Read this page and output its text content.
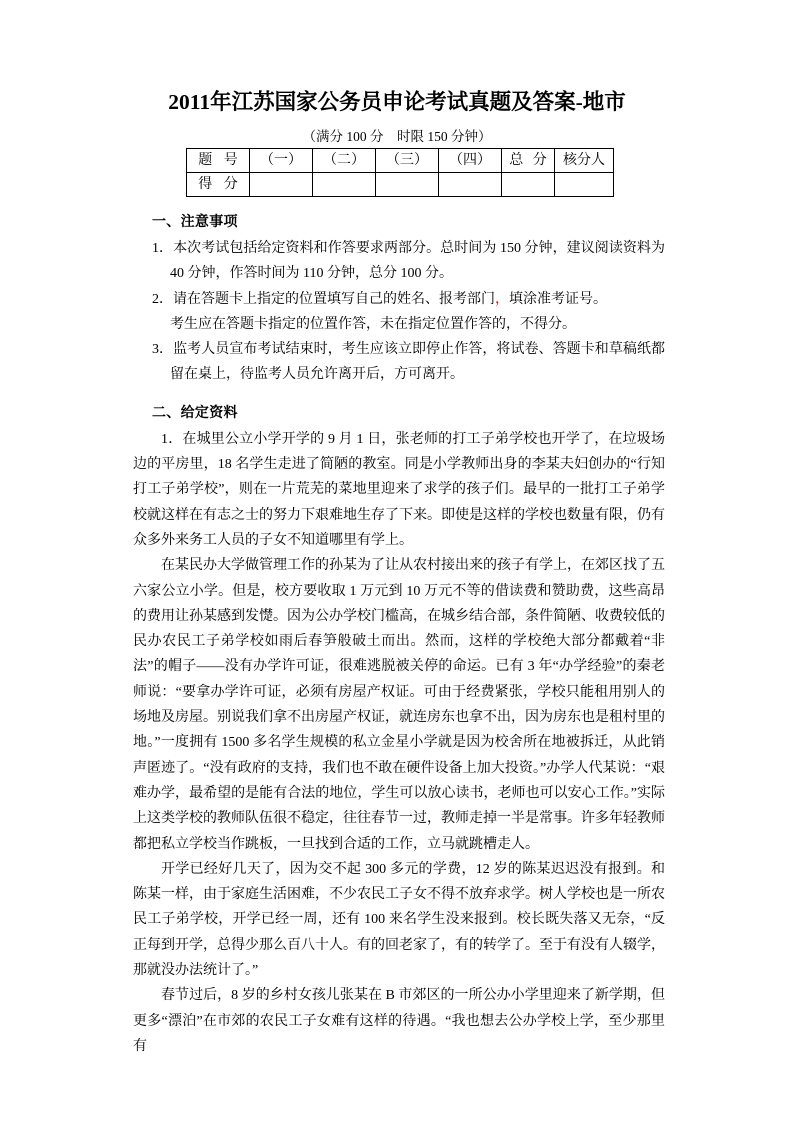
2011年江苏国家公务员申论考试真题及答案-地市
（满分 100 分　时限 150 分钟）
题 号	（一）	（二）	（三）	（四）	总 分	核分人
得 分						
一、注意事项
1．本次考试包括给定资料和作答要求两部分。总时间为 150 分钟，建议阅读资料为 40 分钟，作答时间为 110 分钟，总分 100 分。
2．请在答题卡上指定的位置填写自己的姓名、报考部门，填涂准考证号。
考生应在答题卡指定的位置作答，未在指定位置作答的，不得分。
3．监考人员宣布考试结束时，考生应该立即停止作答，将试卷、答题卡和草稿纸都留在桌上，待监考人员允许离开后，方可离开。
二、给定资料
1．在城里公立小学开学的 9 月 1 日，张老师的打工子弟学校也开学了，在垃圾场边的平房里，18 名学生走进了简陋的教室。同是小学教师出身的李某夫妇创办的“行知打工子弟学校”，则在一片荒芜的菜地里迎来了求学的孩子们。最早的一批打工子弟学校就这样在有志之士的努力下艰难地生存了下来。即使是这样的学校也数量有限，仍有众多外来务工人员的子女不知道哪里有学上。
在某民办大学做管理工作的孙某为了让从农村接出来的孩子有学上，在郊区找了五六家公立小学。但是，校方要收取 1 万元到 10 万元不等的借读费和赞助费，这些高昂的费用让孙某感到发憷。因为公办学校门槛高，在城乡结合部，条件简陋、收费较低的民办农民工子弟学校如雨后春笋般破土而出。然而，这样的学校绝大部分都戴着“非法”的帽子——没有办学许可证，很难逃脱被关停的命运。已有 3 年“办学经验”的秦老师说：“要拿办学许可证，必须有房屋产权证。可由于经费紧张，学校只能租用别人的场地及房屋。别说我们拿不出房屋产权证，就连房东也拿不出，因为房东也是租村里的地。”一度拥有 1500 多名学生规模的私立金星小学就是因为校舍所在地被拆迁，从此销声匿迹了。“没有政府的支持，我们也不敢在硬件设备上加大投资。”办学人代某说：“艰难办学，最希望的是能有合法的地位，学生可以放心读书，老师也可以安心工作。”实际上这类学校的教师队伍很不稳定，往往春节一过，教师走掉一半是常事。许多年轻教师都把私立学校当作跳板，一旦找到合适的工作，立马就跳槽走人。
开学已经好几天了，因为交不起 300 多元的学费，12 岁的陈某迟迟没有报到。和陈某一样，由于家庭生活困难，不少农民工子女不得不放弃求学。树人学校也是一所农民工子弟学校，开学已经一周，还有 100 来名学生没来报到。校长既失落又无奈，“反正每到开学，总得少那么百八十人。有的回老家了，有的转学了。至于有没有人辍学，那就没办法统计了。”
春节过后，8 岁的乡村女孩儿张某在 B 市郊区的一所公办小学里迎来了新学期，但更多“漂泊”在市郊的农民工子女难有这样的待遇。“我也想去公办学校上学，至少那里有
